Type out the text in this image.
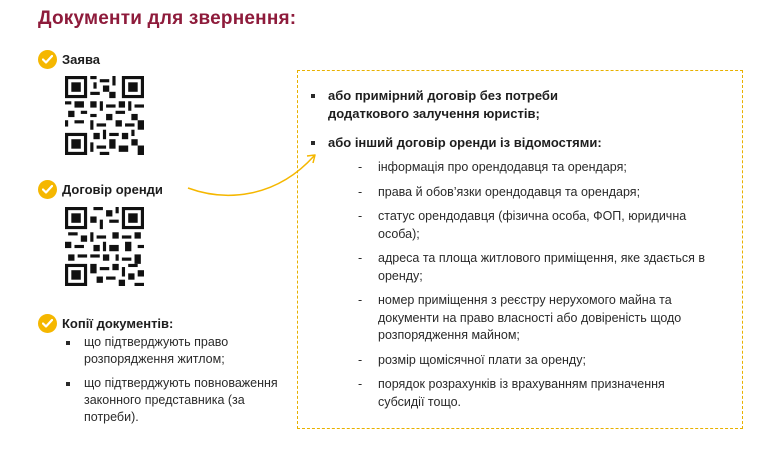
Документи для звернення:
Заява
Договір оренди
Копії документів:
що підтверджують право розпорядження житлом;
що підтверджують повноваження законного представника (за потреби).
або примірний договір без потреби додаткового залучення юристів;
або інший договір оренди із відомостями:
- інформація про орендодавця та орендаря;
- права й обов’язки орендодавця та орендаря;
- статус орендодавця (фізична особа, ФОП, юридична особа);
- адреса та площа житлового приміщення, яке здається в оренду;
- номер приміщення з реєстру нерухомого майна та документи на право власності або довіреність щодо розпорядження майном;
- розмір щомісячної плати за оренду;
- порядок розрахунків із врахуванням призначення субсидії тощо.
